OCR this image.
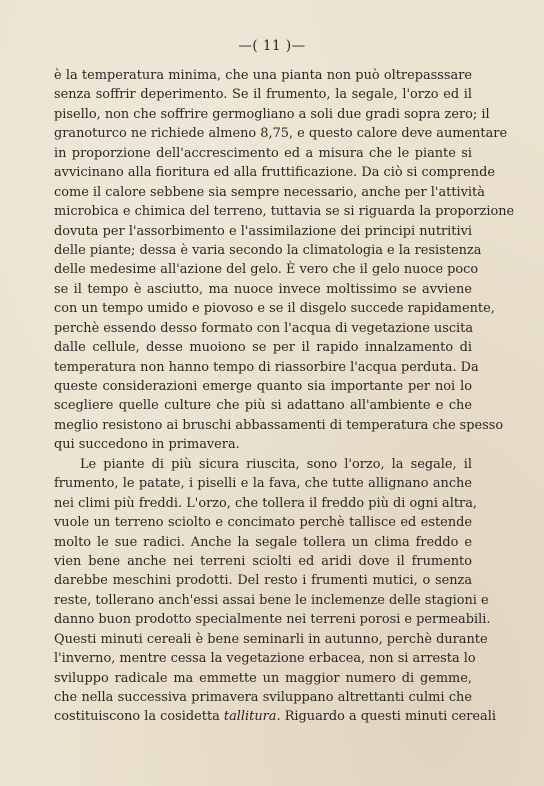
—( 11 )—
è la temperatura minima, che una pianta non può oltrepasssare
senza soffrir deperimento. Se il frumento, la segale, l'orzo ed il
pisello, non che soffrire germogliano a soli due gradi sopra zero; il
granoturco ne richiede almeno 8,75, e questo calore deve aumentare
in proporzione dell'accrescimento ed a misura che le piante si
avvicinano alla fioritura ed alla fruttificazione. Da ciò si comprende
come il calore sebbene sia sempre necessario, anche per l'attività
microbica e chimica del terreno, tuttavia se si riguarda la proporzione
dovuta per l'assorbimento e l'assimilazione dei principi nutritivi
delle piante; dessa è varia secondo la climatologia e la resistenza
delle medesime all'azione del gelo. È vero che il gelo nuoce poco
se il tempo è asciutto, ma nuoce invece moltissimo se avviene
con un tempo umido e piovoso e se il disgelo succede rapidamente,
perchè essendo desso formato con l'acqua di vegetazione uscita
dalle cellule, desse muoiono se per il rapido innalzamento di
temperatura non hanno tempo di riassorbire l'acqua perduta. Da
queste considerazioni emerge quanto sia importante per noi lo
scegliere quelle culture che più si adattano all'ambiente e che
meglio resistono ai bruschi abbassamenti di temperatura che spesso
qui succedono in primavera.
Le piante di più sicura riuscita, sono l'orzo, la segale, il
frumento, le patate, i piselli e la fava, che tutte allignano anche
nei climi più freddi. L'orzo, che tollera il freddo più di ogni altra,
vuole un terreno sciolto e concimato perchè tallisce ed estende
molto le sue radici. Anche la segale tollera un clima freddo e
vien bene anche nei terreni sciolti ed aridi dove il frumento
darebbe meschini prodotti. Del resto i frumenti mutici, o senza
reste, tollerano anch'essi assai bene le inclemenze delle stagioni e
danno buon prodotto specialmente nei terreni porosi e permeabili.
Questi minuti cereali è bene seminarli in autunno, perchè durante
l'inverno, mentre cessa la vegetazione erbacea, non si arresta lo
sviluppo radicale ma emmette un maggior numero di gemme,
che nella successiva primavera sviluppano altrettanti culmi che
costituiscono la cosidetta tallitura. Riguardo a questi minuti cereali
